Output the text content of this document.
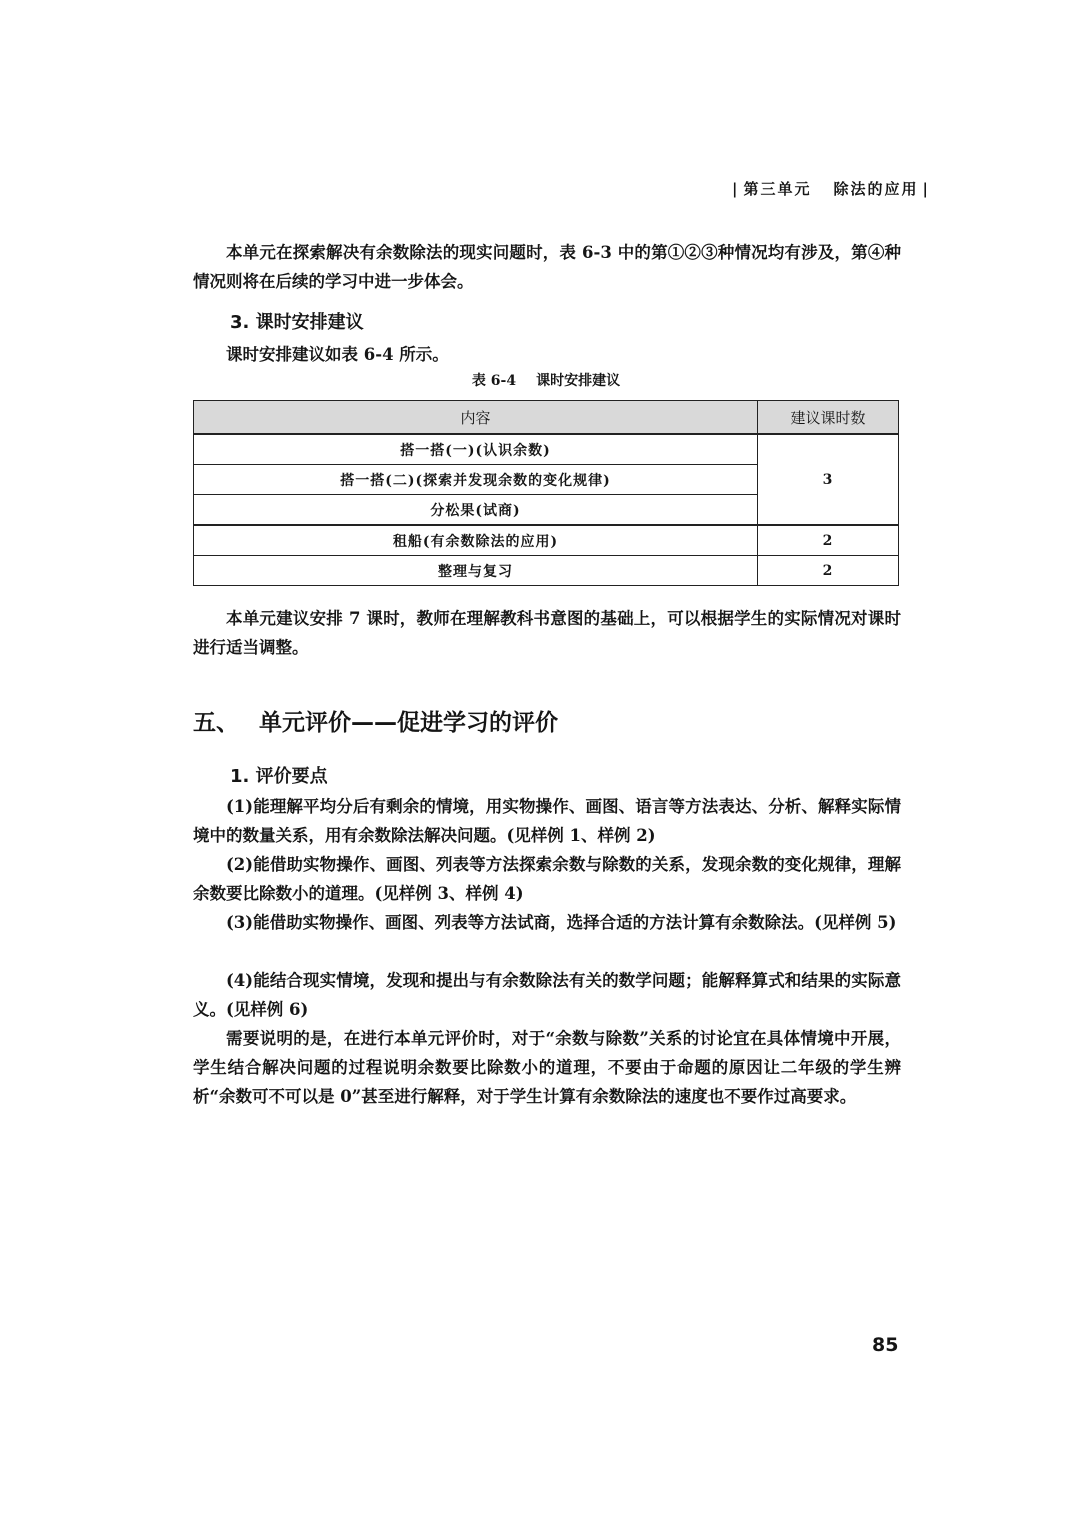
| 第三单元 除法的应用 |

本单元在探索解决有余数除法的现实问题时，表 6-3 中的第①②③种情况均有涉及，第④种情况则将在后续的学习中进一步体会。

3. 课时安排建议

课时安排建议如表 6-4 所示。

表 6-4 课时安排建议
内容	建议课时数
搭一搭(一)(认识余数)	3
搭一搭(二)(探索并发现余数的变化规律)	
分松果(试商)	
租船(有余数除法的应用)	2
整理与复习	2

本单元建议安排 7 课时，教师在理解教科书意图的基础上，可以根据学生的实际情况对课时进行适当调整。

五、 单元评价——促进学习的评价
1. 评价要点

(1)能理解平均分后有剩余的情境，用实物操作、画图、语言等方法表达、分析、解释实际情境中的数量关系，用有余数除法解决问题。(见样例 1、样例 2)

(2)能借助实物操作、画图、列表等方法探索余数与除数的关系，发现余数的变化规律，理解余数要比除数小的道理。(见样例 3、样例 4)

(3)能借助实物操作、画图、列表等方法试商，选择合适的方法计算有余数除法。(见样例 5)

(4)能结合现实情境，发现和提出与有余数除法有关的数学问题；能解释算式和结果的实际意义。(见样例 6)

需要说明的是，在进行本单元评价时，对于“余数与除数”关系的讨论宜在具体情境中开展，学生结合解决问题的过程说明余数要比除数小的道理，不要由于命题的原因让二年级的学生辨析“余数可不可以是 0”甚至进行解释，对于学生计算有余数除法的速度也不要作过高要求。

85
